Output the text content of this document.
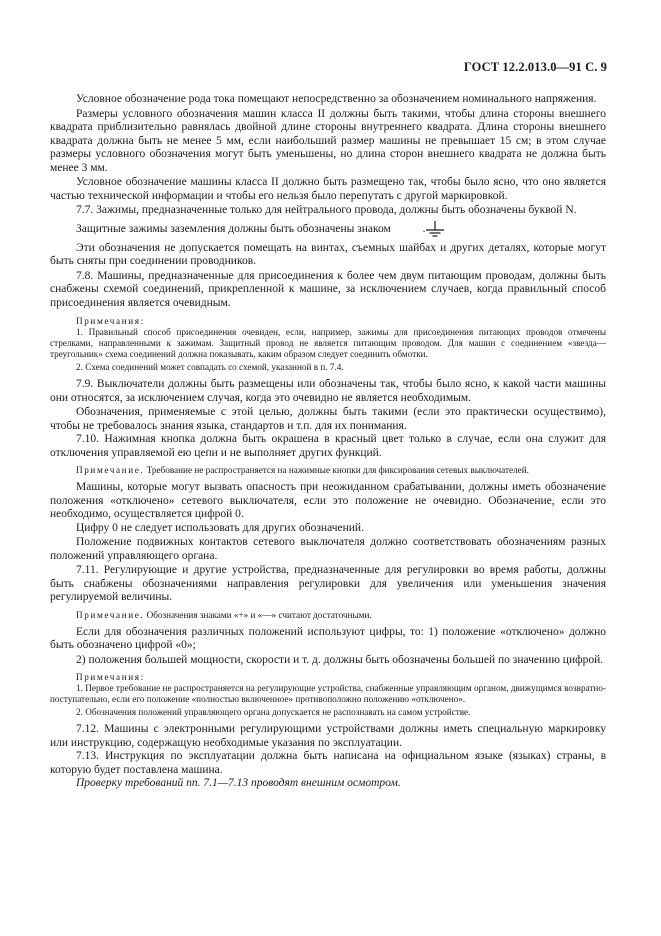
ГОСТ 12.2.013.0—91 С. 9

Условное обозначение рода тока помещают непосредственно за обозначением номинального напряжения.

Размеры условного обозначения машин класса II должны быть такими, чтобы длина стороны внешнего квадрата приблизительно равнялась двойной длине стороны внутреннего квадрата. Длина стороны внешнего квадрата должна быть не менее 5 мм, если наибольший размер машины не превышает 15 см; в этом случае размеры условного обозначения могут быть уменьшены, но длина сторон внешнего квадрата не должна быть менее 3 мм.

Условное обозначение машины класса II должно быть размещено так, чтобы было ясно, что оно является частью технической информации и чтобы его нельзя было перепутать с другой маркировкой.

7.7. Зажимы, предназначенные только для нейтрального провода, должны быть обозначены буквой N.

Защитные зажимы заземления должны быть обозначены знаком	.

Эти обозначения не допускается помещать на винтах, съемных шайбах и других деталях, которые могут быть сняты при соединении проводников.

7.8. Машины, предназначенные для присоединения к более чем двум питающим проводам, должны быть снабжены схемой соединений, прикрепленной к машине, за исключением случаев, когда правильный способ присоединения является очевидным.

Примечания:

1. Правильный способ присоединения очевиден, если, например, зажимы для присоединения питающих проводов отмечены стрелками, направленными к зажимам. Защитный провод не является питающим проводом. Для машин с соединением «звезда—треугольник» схема соединений должна показывать, каким образом следует соединить обмотки.

2. Схема соединений может совпадать со схемой, указанной в п. 7.4.

7.9. Выключатели должны быть размещены или обозначены так, чтобы было ясно, к какой части машины они относятся, за исключением случая, когда это очевидно не является необходимым.

Обозначения, применяемые с этой целью, должны быть такими (если это практически осуществимо), чтобы не требовалось знания языка, стандартов и т.п. для их понимания.

7.10. Нажимная кнопка должна быть окрашена в красный цвет только в случае, если она служит для отключения управляемой ею цепи и не выполняет других функций.

Примечание. Требование не распространяется на нажимные кнопки для фиксирования сетевых выключателей.

Машины, которые могут вызвать опасность при неожиданном срабатывании, должны иметь обозначение положения «отключено» сетевого выключателя, если это положение не очевидно. Обозначение, если это необходимо, осуществляется цифрой 0.

Цифру 0 не следует использовать для других обозначений.

Положение подвижных контактов сетевого выключателя должно соответствовать обозначениям разных положений управляющего органа.

7.11. Регулирующие и другие устройства, предназначенные для регулировки во время работы, должны быть снабжены обозначениями направления регулировки для увеличения или уменьшения значения регулируемой величины.

Примечание. Обозначения знаками «+» и «—» считают достаточными.

Если для обозначения различных положений используют цифры, то: 1) положение «отключено» должно быть обозначено цифрой «0»;

2) положения большей мощности, скорости и т. д. должны быть обозначены большей по значению цифрой.

Примечания:

1. Первое требование не распространяется на регулирующие устройства, снабженные управляющим органом, движущимся возвратно-поступательно, если его положение «полностью включенное» противоположно положению «отключено».

2. Обозначения положений управляющего органа допускается не распознавать на самом устройстве.

7.12. Машины с электронными регулирующими устройствами должны иметь специальную маркировку или инструкцию, содержащую необходимые указания по эксплуатации.

7.13. Инструкция по эксплуатации должна быть написана на официальном языке (языках) страны, в которую будет поставлена машина.

Проверку требований пп. 7.1—7.13 проводят внешним осмотром.
